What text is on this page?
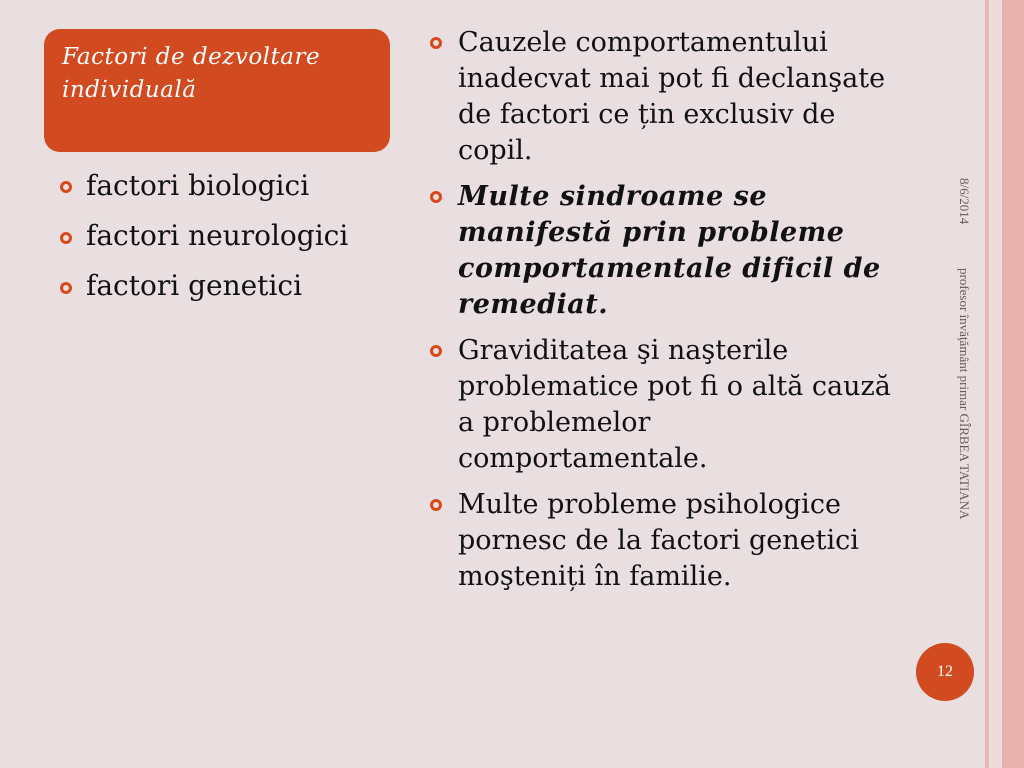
Factori de dezvoltare individuală
factori biologici
factori neurologici
factori genetici
Cauzele comportamentului inadecvat mai pot fi declanşate de factori ce țin exclusiv de copil.
Multe sindroame se manifestă prin probleme comportamentale dificil de remediat.
Graviditatea şi naşterile problematice pot fi o altă cauză a problemelor comportamentale.
Multe probleme psihologice pornesc de la factori genetici moşteniți în familie.
8/6/2014
profesor învăţământ primar GÎRBEA TATIANA
12
